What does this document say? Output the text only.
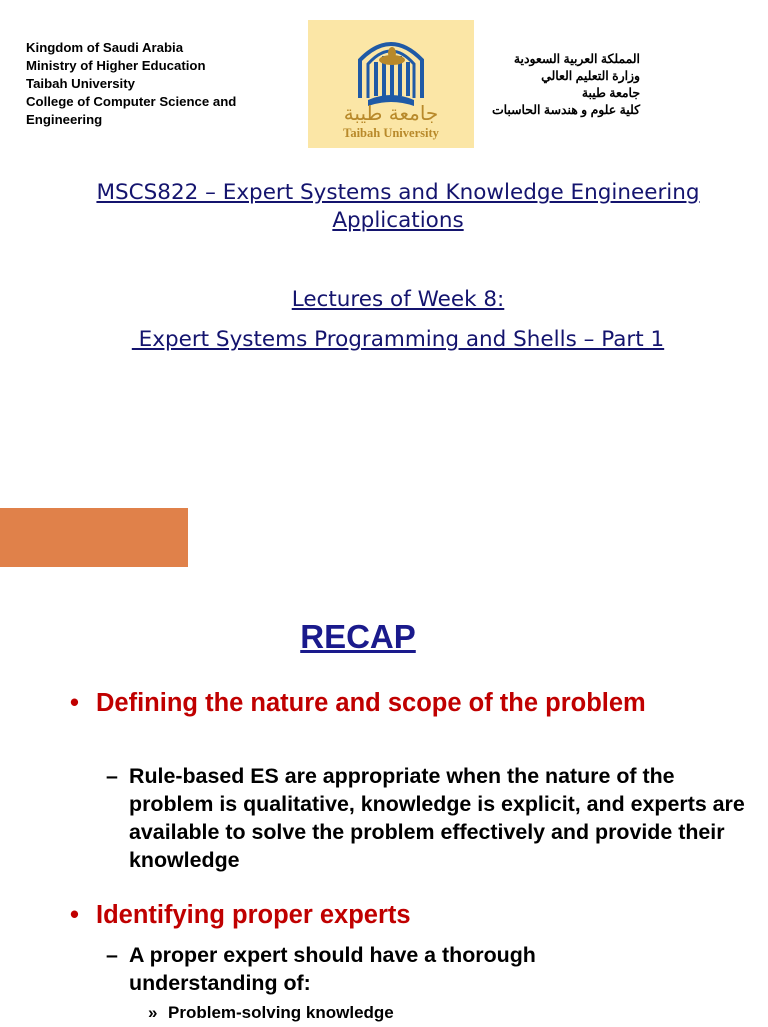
Kingdom of Saudi Arabia
Ministry of Higher Education
Taibah University
College of Computer Science and
Engineering	جامعة طيبة
Taibah University
المملكة العربية السعودية
وزارة التعليم العالي
جامعة طيبة
كلية علوم و هندسة الحاسبات
MSCS822 – Expert Systems and Knowledge Engineering
Applications
Lectures of Week 8:
Expert Systems Programming and Shells – Part 1
RECAP
• Defining the nature and scope of the problem
– Rule-based ES are appropriate when the nature of the problem is qualitative, knowledge is explicit, and experts are available to solve the problem effectively and provide their knowledge
• Identifying proper experts
– A proper expert should have a thorough understanding of:
» Problem-solving knowledge
